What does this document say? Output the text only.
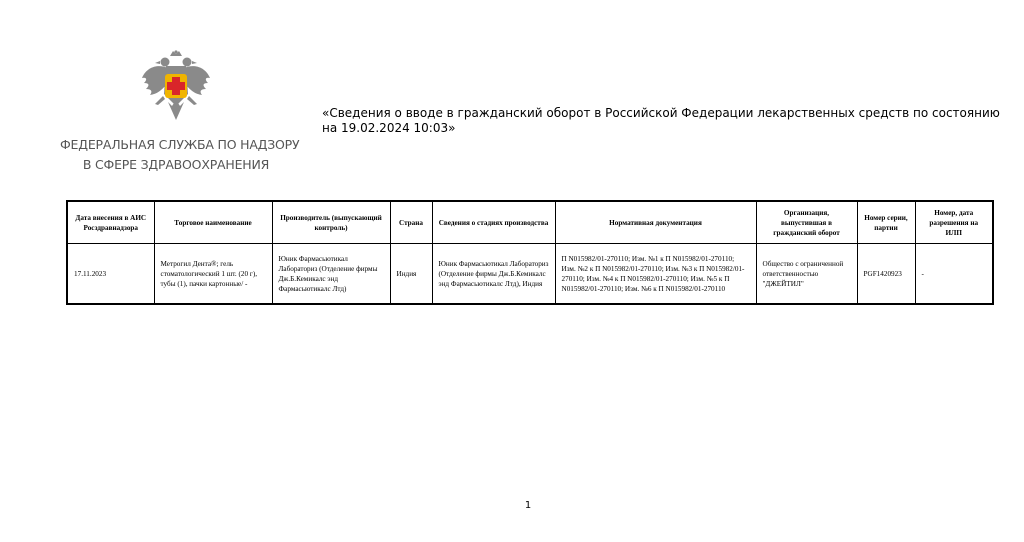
ФЕДЕРАЛЬНАЯ СЛУЖБА ПО НАДЗОРУ
В СФЕРЕ ЗДРАВООХРАНЕНИЯ
«Сведения о вводе в гражданский оборот в Российской Федерации лекарственных средств по состоянию на 19.02.2024 10:03»
Дата внесения в АИС Росздравнадзора	Торговое наименование	Производитель (выпускающий контроль)	Страна	Сведения о стадиях производства	Нормативная документация	Организация, выпустившая в гражданский оборот	Номер серии, партии	Номер, дата разрешения на ИЛП
17.11.2023	Метрогил Дента®; гель стоматологический 1 шт. (20 г), тубы (1), пачки картонные/ -	Юник Фармасьютикал Лабораториз (Отделение фирмы Дж.Б.Кемикалс энд Фармасьютикалс Лтд)	Индия	Юник Фармасьютикал Лабораториз (Отделение фирмы Дж.Б.Кемикалс энд Фармасьютикалс Лтд), Индия	П N015982/01-270110; Изм. №1 к П N015982/01-270110; Изм. №2 к П N015982/01-270110; Изм. №3 к П N015982/01-270110; Изм. №4 к П N015982/01-270110; Изм. №5 к П N015982/01-270110; Изм. №6 к П N015982/01-270110	Общество с ограниченной ответственностью "ДЖЕЙТИЛ"	PGF1420923	-
1
